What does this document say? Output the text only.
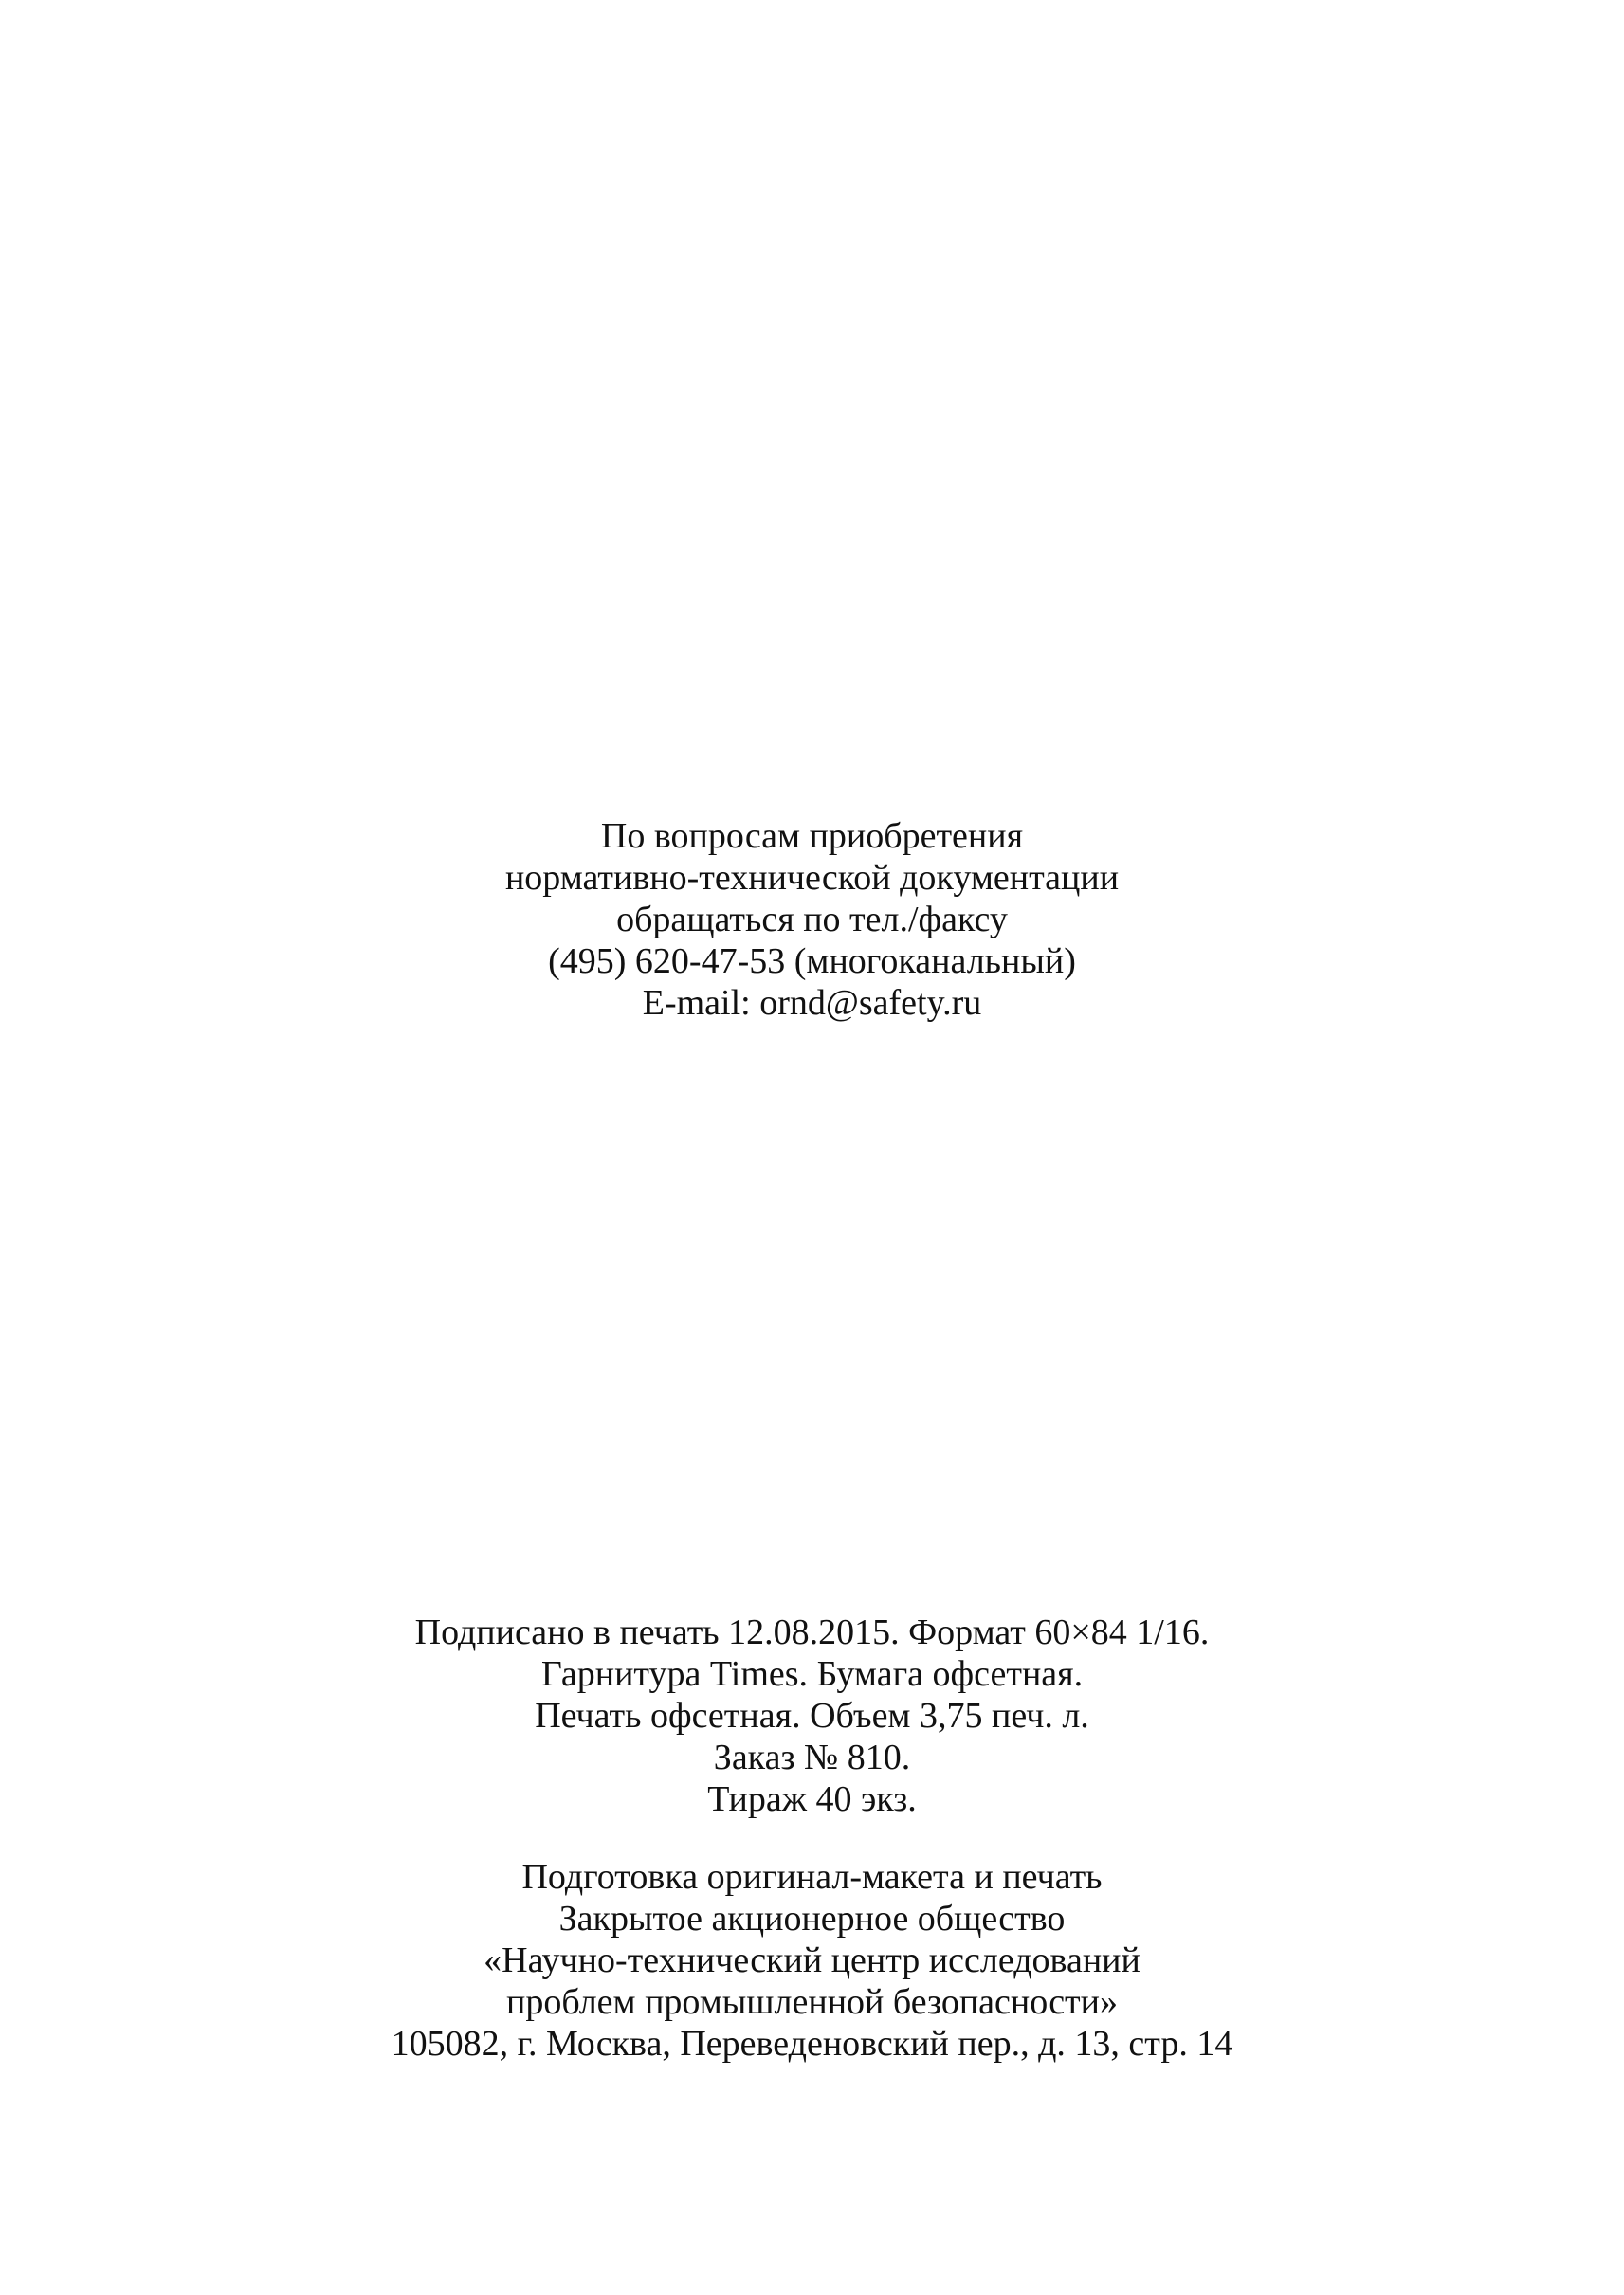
По вопросам приобретения
нормативно-технической документации
обращаться по тел./факсу
(495) 620-47-53 (многоканальный)
E-mail: ornd@safety.ru
Подписано в печать 12.08.2015. Формат 60×84 1/16.
Гарнитура Times. Бумага офсетная.
Печать офсетная. Объем 3,75 печ. л.
Заказ № 810.
Тираж 40 экз.
Подготовка оригинал-макета и печать
Закрытое акционерное общество
«Научно-технический центр исследований
проблем промышленной безопасности»
105082, г. Москва, Переведеновский пер., д. 13, стр. 14
